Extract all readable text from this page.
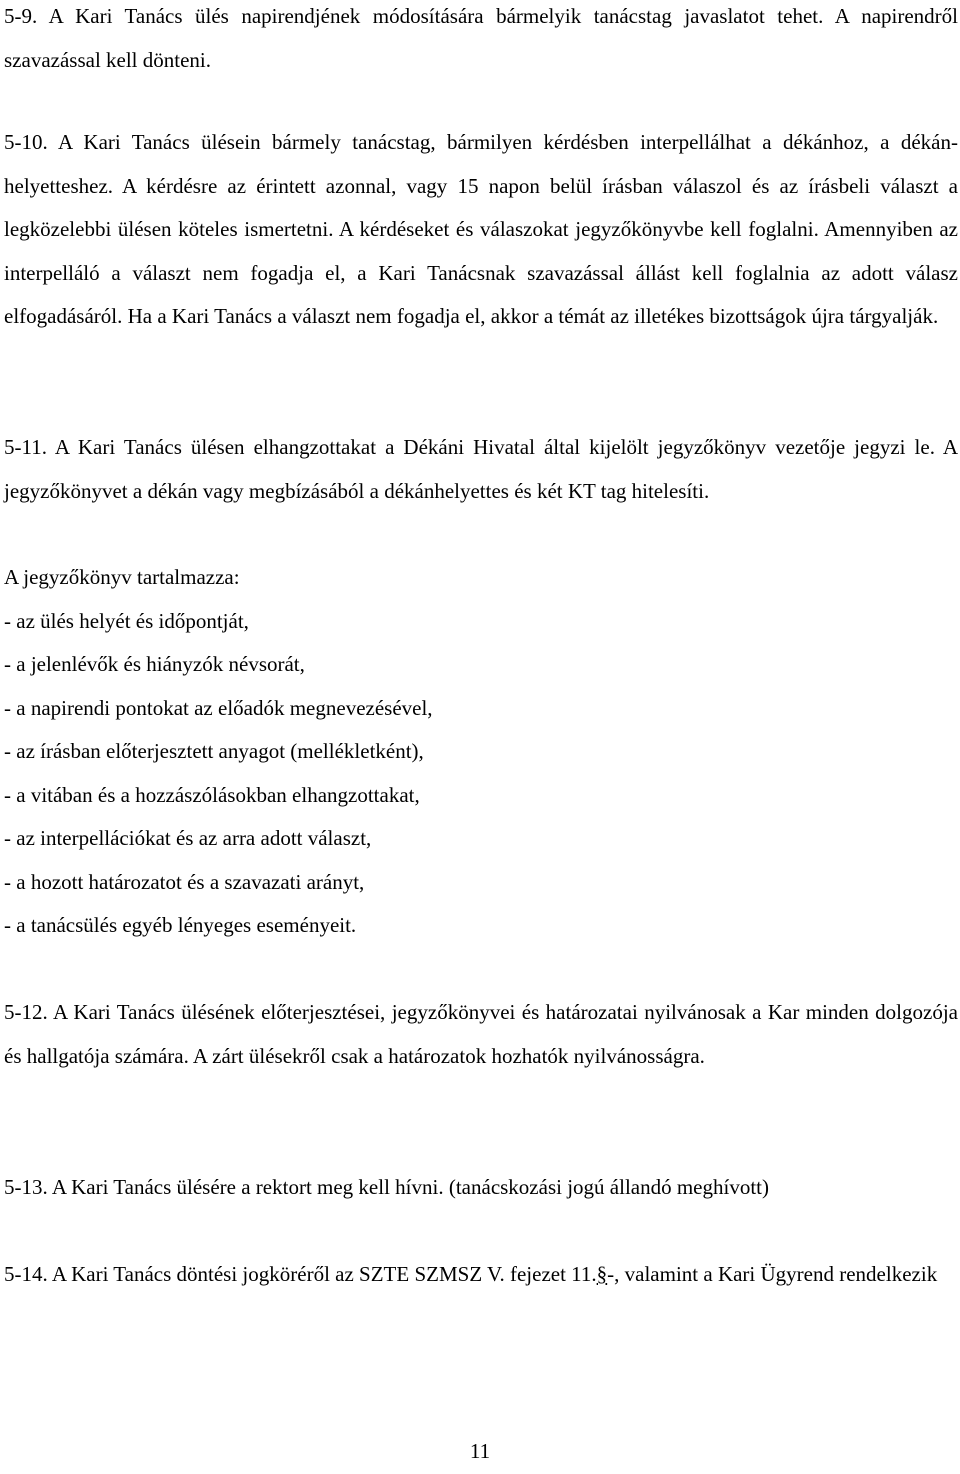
5-9. A Kari Tanács ülés napirendjének módosítására bármelyik tanácstag javaslatot tehet. A napirendről szavazással kell dönteni.

5-10. A Kari Tanács ülésein bármely tanácstag, bármilyen kérdésben interpellálhat a dékánhoz, a dékán-helyetteshez. A kérdésre az érintett azonnal, vagy 15 napon belül írásban válaszol és az írásbeli választ a legközelebbi ülésen köteles ismertetni. A kérdéseket és válaszokat jegyzőkönyvbe kell foglalni. Amennyiben az interpelláló a választ nem fogadja el, a Kari Tanácsnak szavazással állást kell foglalnia az adott válasz elfogadásáról. Ha a Kari Tanács a választ nem fogadja el, akkor a témát az illetékes bizottságok újra tárgyalják.

5-11. A Kari Tanács ülésen elhangzottakat a Dékáni Hivatal által kijelölt jegyzőkönyv vezetője jegyzi le. A jegyzőkönyvet a dékán vagy megbízásából a dékánhelyettes és két KT tag hitelesíti.

A jegyzőkönyv tartalmazza:

- az ülés helyét és időpontját,

- a jelenlévők és hiányzók névsorát,

- a napirendi pontokat az előadók megnevezésével,

- az írásban előterjesztett anyagot (mellékletként),

- a vitában és a hozzászólásokban elhangzottakat,

- az interpellációkat és az arra adott választ,

- a hozott határozatot és a szavazati arányt,

- a tanácsülés egyéb lényeges eseményeit.

5-12. A Kari Tanács ülésének előterjesztései, jegyzőkönyvei és határozatai nyilvánosak a Kar minden dolgozója és hallgatója számára. A zárt ülésekről csak a határozatok hozhatók nyilvánosságra.

5-13. A Kari Tanács ülésére a rektort meg kell hívni. (tanácskozási jogú állandó meghívott)

5-14. A Kari Tanács döntési jogköréről az SZTE SZMSZ V. fejezet 11.§-, valamint a Kari Ügyrend rendelkezik

11
